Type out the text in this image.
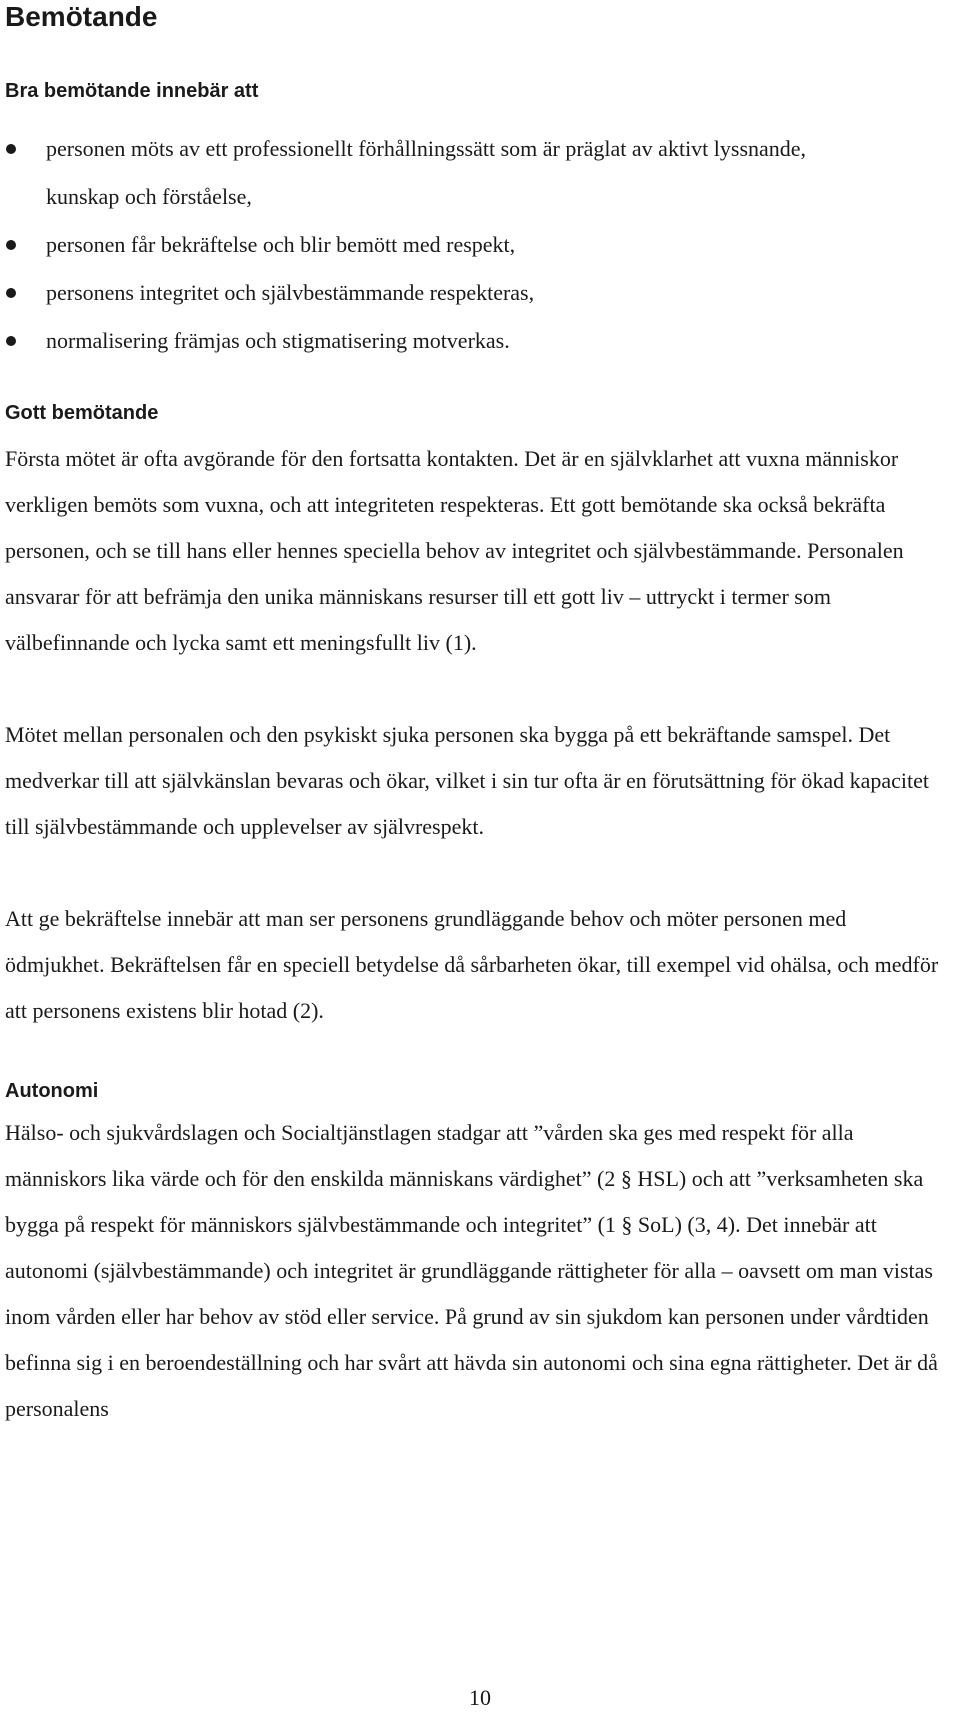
Bemötande
Bra bemötande innebär att
personen möts av ett professionellt förhållningssätt som är präglat av aktivt lyssnande, kunskap och förståelse,
personen får bekräftelse och blir bemött med respekt,
personens integritet och självbestämmande respekteras,
normalisering främjas och stigmatisering motverkas.
Gott bemötande

Första mötet är ofta avgörande för den fortsatta kontakten. Det är en självklarhet att vuxna människor verkligen bemöts som vuxna, och att integriteten respekteras. Ett gott bemötande ska också bekräfta personen, och se till hans eller hennes speciella behov av integritet och självbestämmande. Personalen ansvarar för att befrämja den unika människans resurser till ett gott liv – uttryckt i termer som välbefinnande och lycka samt ett meningsfullt liv (1).

Mötet mellan personalen och den psykiskt sjuka personen ska bygga på ett bekräftande samspel. Det medverkar till att självkänslan bevaras och ökar, vilket i sin tur ofta är en förutsättning för ökad kapacitet till självbestämmande och upplevelser av självrespekt.

Att ge bekräftelse innebär att man ser personens grundläggande behov och möter personen med ödmjukhet. Bekräftelsen får en speciell betydelse då sårbarheten ökar, till exempel vid ohälsa, och medför att personens existens blir hotad (2).

Autonomi

Hälso- och sjukvårdslagen och Socialtjänstlagen stadgar att ”vården ska ges med respekt för alla människors lika värde och för den enskilda människans värdighet” (2 § HSL) och att ”verksamheten ska bygga på respekt för människors självbestämmande och integritet” (1 § SoL) (3, 4). Det innebär att autonomi (självbestämmande) och integritet är grundläggande rättigheter för alla – oavsett om man vistas inom vården eller har behov av stöd eller service. På grund av sin sjukdom kan personen under vårdtiden befinna sig i en beroendeställning och har svårt att hävda sin autonomi och sina egna rättigheter. Det är då personalens

10
